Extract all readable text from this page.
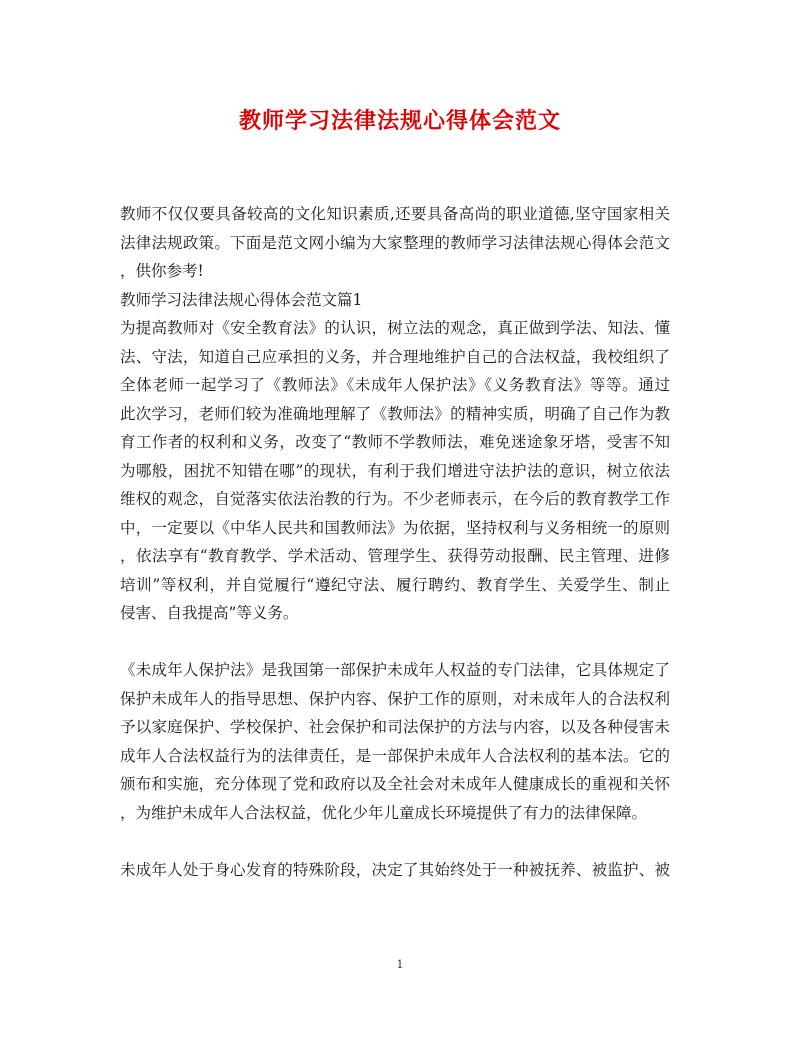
教师学习法律法规心得体会范文
教师不仅仅要具备较高的文化知识素质,还要具备高尚的职业道德,坚守国家相关
法律法规政策。下面是范文网小编为大家整理的教师学习法律法规心得体会范文
，供你参考!
教师学习法律法规心得体会范文篇1
为提高教师对《安全教育法》的认识，树立法的观念，真正做到学法、知法、懂
法、守法，知道自己应承担的义务，并合理地维护自己的合法权益，我校组织了
全体老师一起学习了《教师法》《未成年人保护法》《义务教育法》等等。通过
此次学习，老师们较为准确地理解了《教师法》的精神实质，明确了自己作为教
育工作者的权利和义务，改变了“教师不学教师法，难免迷途象牙塔，受害不知
为哪般，困扰不知错在哪”的现状，有利于我们增进守法护法的意识，树立依法
维权的观念，自觉落实依法治教的行为。不少老师表示，在今后的教育教学工作
中，一定要以《中华人民共和国教师法》为依据，坚持权利与义务相统一的原则
，依法享有“教育教学、学术活动、管理学生、获得劳动报酬、民主管理、进修
培训”等权利，并自觉履行“遵纪守法、履行聘约、教育学生、关爱学生、制止
侵害、自我提高”等义务。
《未成年人保护法》是我国第一部保护未成年人权益的专门法律，它具体规定了
保护未成年人的指导思想、保护内容、保护工作的原则，对未成年人的合法权利
予以家庭保护、学校保护、社会保护和司法保护的方法与内容，以及各种侵害未
成年人合法权益行为的法律责任，是一部保护未成年人合法权利的基本法。它的
颁布和实施，充分体现了党和政府以及全社会对未成年人健康成长的重视和关怀
，为维护未成年人合法权益，优化少年儿童成长环境提供了有力的法律保障。
未成年人处于身心发育的特殊阶段，决定了其始终处于一种被抚养、被监护、被
1
